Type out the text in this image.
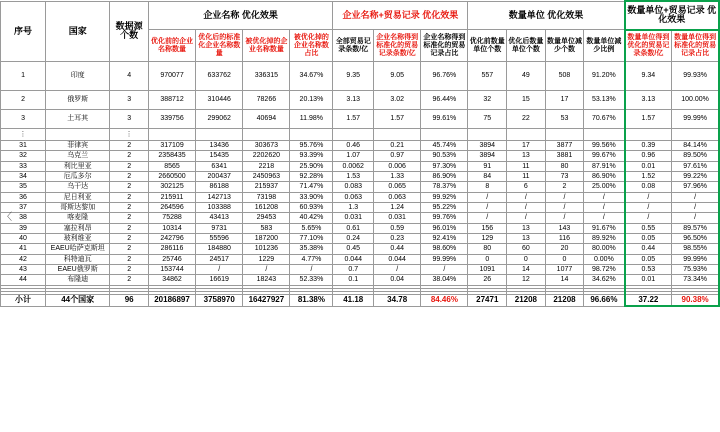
序号	国家	数据源
个数	企业名称 优化效果				企业名称+贸易记录 优化效果			数量单位 优化效果				数量单位+贸易记录 优化效果	
			优化前的企业名称数量	优化后的标准化企业名称数量	被优化掉的企业名称数量	被优化掉的企业名称数占比	全部贸易记录条数/亿	企业名称得到标准化的贸易记录条数/亿	企业名称得到标准化的贸易记录占比	优化前数量单位个数	优化后数量单位个数	数量单位减少个数	数量单位减少比例	数量单位得到优化的贸易记录条数/亿	数量单位得到标准化的贸易记录占比
1	印度	4	970077	633762	336315	34.67%	9.35	9.05	96.76%	557	49	508	91.20%	9.34	99.93%
2	俄罗斯	3	388712	310446	78266	20.13%	3.13	3.02	96.44%	32	15	17	53.13%	3.13	100.00%
3	土耳其	3	339756	299062	40694	11.98%	1.57	1.57	99.61%	75	22	53	70.67%	1.57	99.99%
⋮		⋮													
31	菲律宾	2	317109	13436	303673	95.76%	0.46	0.21	45.74%	3894	17	3877	99.56%	0.39	84.14%
32	乌克兰	2	2358435	15435	2202620	93.39%	1.07	0.97	90.53%	3894	13	3881	99.67%	0.96	89.50%
33	利比里亚	2	8565	6341	2218	25.90%	0.0062	0.006	97.30%	91	11	80	87.91%	0.01	97.61%
34	厄瓜多尔	2	2660500	200437	2450963	92.28%	1.53	1.33	86.90%	84	11	73	86.90%	1.52	99.22%
35	乌干达	2	302125	86188	215937	71.47%	0.083	0.065	78.37%	8	6	2	25.00%	0.08	97.96%
36	尼日利亚	2	215911	142713	73198	33.90%	0.063	0.063	99.92%	/	/	/	/	/	/
37	哥斯达黎加	2	264596	103388	161208	60.93%	1.3	1.24	95.22%	/	/	/	/	/	/
38	喀麦隆	2	75288	43413	29453	40.42%	0.031	0.031	99.76%	/	/	/	/	/	/
39	塞拉利昂	2	10314	9731	583	5.65%	0.61	0.59	96.01%	156	13	143	91.67%	0.55	89.57%
40	玻利维亚	2	242796	55596	187200	77.10%	0.24	0.23	92.41%	129	13	116	89.92%	0.05	96.50%
41	EAEU哈萨克斯坦	2	286116	184880	101236	35.38%	0.45	0.44	98.60%	80	60	20	80.00%	0.44	98.55%
42	科特迪瓦	2	25746	24517	1229	4.77%	0.044	0.044	99.99%	0	0	0	0.00%	0.05	99.99%
43	EAEU俄罗斯	2	153744	/	/	/	0.7	/	/	1091	14	1077	98.72%	0.53	75.93%
44	布隆迪	2	34862	16619	18243	52.33%	0.1	0.04	38.04%	26	12	14	34.62%	0.01	73.34%

小计	44个国家	96	20186897	3758970	16427927	81.38%	41.18	34.78	84.46%	27471	21208	21208	96.66%	37.22	90.38%
〈
